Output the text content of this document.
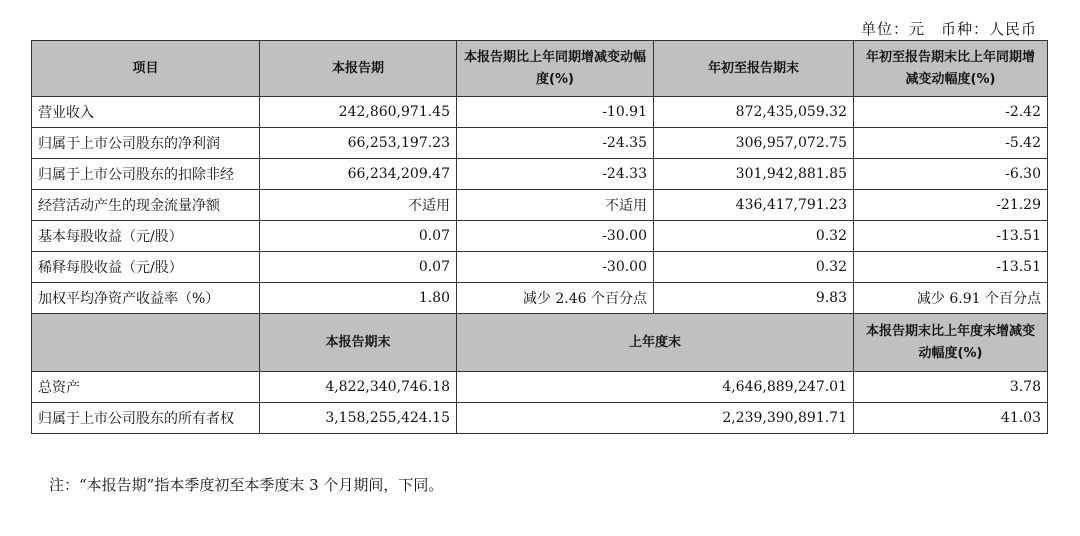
单位：元　币种：人民币
项目	本报告期	本报告期比上年同期增减变动幅度(%)	年初至报告期末	年初至报告期末比上年同期增减变动幅度(%)
营业收入	242,860,971.45	-10.91	872,435,059.32	-2.42
归属于上市公司股东的净利润	66,253,197.23	-24.35	306,957,072.75	-5.42
归属于上市公司股东的扣除非经	66,234,209.47	-24.33	301,942,881.85	-6.30
经营活动产生的现金流量净额	不适用	不适用	436,417,791.23	-21.29
基本每股收益（元/股）	0.07	-30.00	0.32	-13.51
稀释每股收益（元/股）	0.07	-30.00	0.32	-13.51
加权平均净资产收益率（%）	1.80	减少 2.46 个百分点	9.83	减少 6.91 个百分点
	本报告期末	上年度末		本报告期末比上年度末增减变动幅度(%)
总资产	4,822,340,746.18	4,646,889,247.01		3.78
归属于上市公司股东的所有者权	3,158,255,424.15	2,239,390,891.71		41.03
注：“本报告期”指本季度初至本季度末 3 个月期间，下同。
